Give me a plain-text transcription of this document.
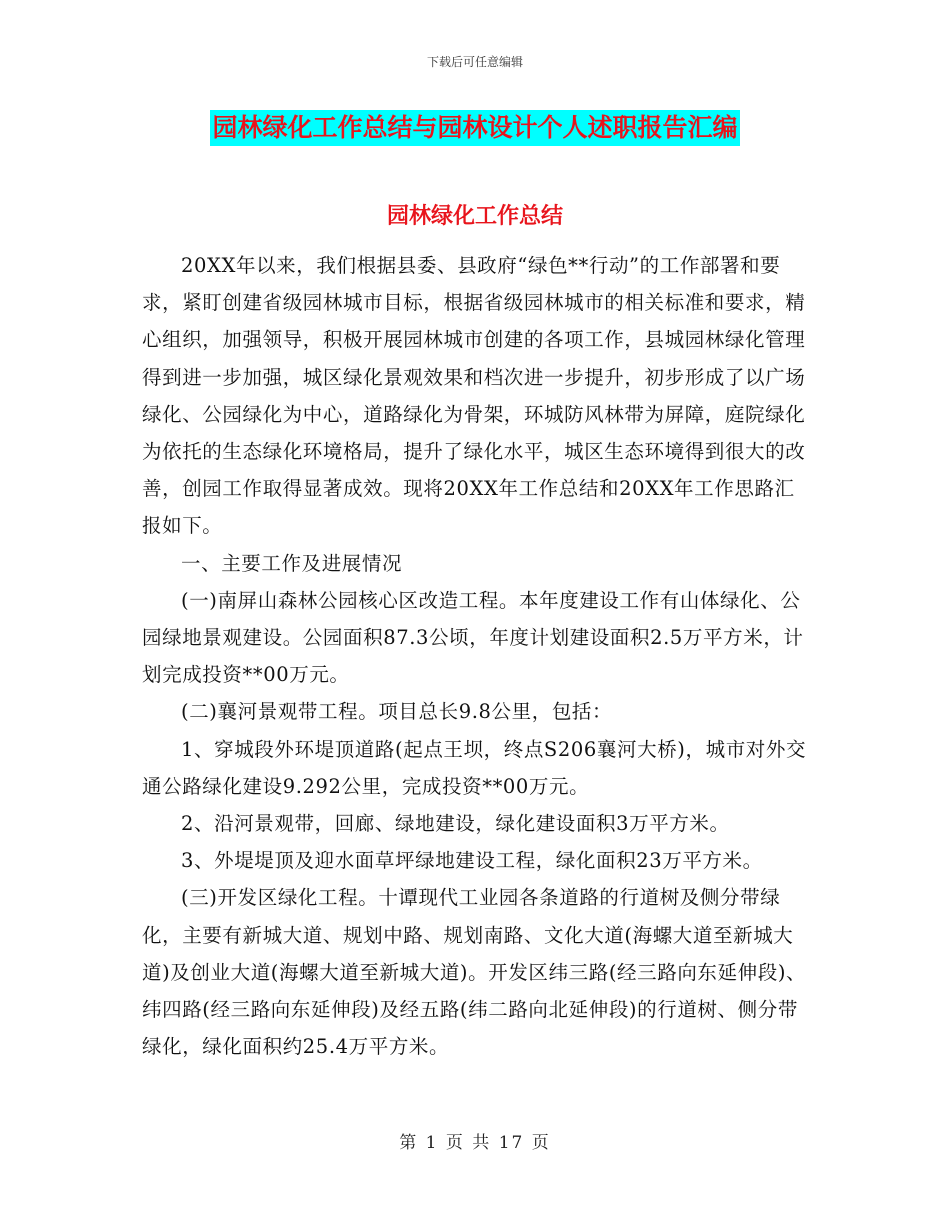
下载后可任意编辑
园林绿化工作总结与园林设计个人述职报告汇编
园林绿化工作总结

20XX年以来，我们根据县委、县政府“绿色**行动”的工作部署和要求，紧盯创建省级园林城市目标，根据省级园林城市的相关标准和要求，精心组织，加强领导，积极开展园林城市创建的各项工作，县城园林绿化管理得到进一步加强，城区绿化景观效果和档次进一步提升，初步形成了以广场绿化、公园绿化为中心，道路绿化为骨架，环城防风林带为屏障，庭院绿化为依托的生态绿化环境格局，提升了绿化水平，城区生态环境得到很大的改善，创园工作取得显著成效。现将20XX年工作总结和20XX年工作思路汇报如下。

一、主要工作及进展情况

(一)南屏山森林公园核心区改造工程。本年度建设工作有山体绿化、公园绿地景观建设。公园面积87.3公顷，年度计划建设面积2.5万平方米，计划完成投资**00万元。

(二)襄河景观带工程。项目总长9.8公里，包括：

1、穿城段外环堤顶道路(起点王坝，终点S206襄河大桥)，城市对外交通公路绿化建设9.292公里，完成投资**00万元。

2、沿河景观带，回廊、绿地建设，绿化建设面积3万平方米。

3、外堤堤顶及迎水面草坪绿地建设工程，绿化面积23万平方米。

(三)开发区绿化工程。十谭现代工业园各条道路的行道树及侧分带绿化，主要有新城大道、规划中路、规划南路、文化大道(海螺大道至新城大道)及创业大道(海螺大道至新城大道)。开发区纬三路(经三路向东延伸段)、纬四路(经三路向东延伸段)及经五路(纬二路向北延伸段)的行道树、侧分带绿化，绿化面积约25.4万平方米。

第 1 页 共 17 页
